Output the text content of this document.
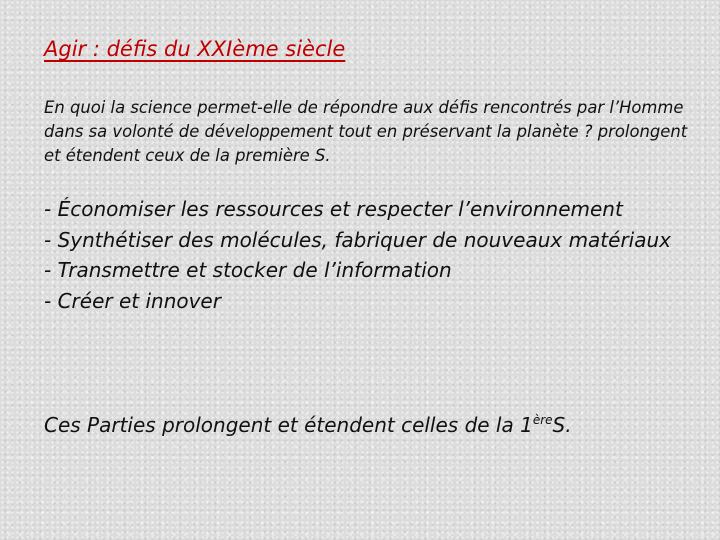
Agir : défis du XXIème siècle

En quoi la science permet-elle de répondre aux défis rencontrés par l’Homme dans sa volonté de développement tout en préservant la planète ? prolongent et étendent ceux de la première S.

- Économiser les ressources et respecter l’environnement
- Synthétiser des molécules, fabriquer de nouveaux matériaux
- Transmettre et stocker de l’information
- Créer et innover

Ces Parties prolongent et étendent celles de la 1èreS.
